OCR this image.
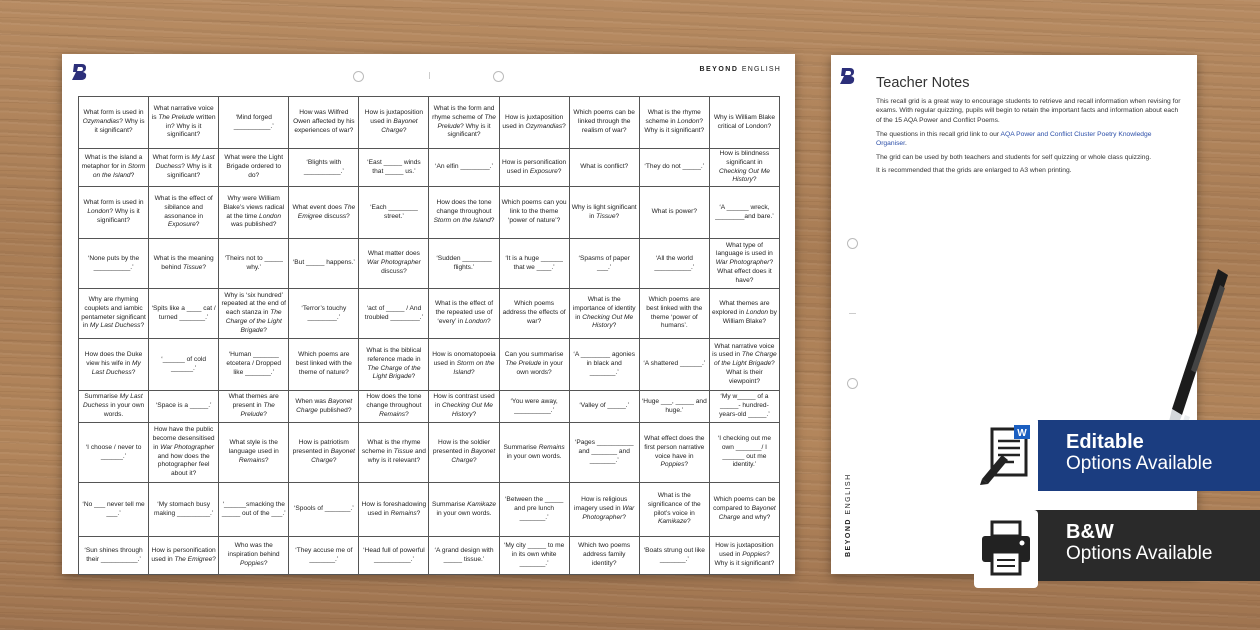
BEYOND ENGLISH
What form is used in Ozymandias? Why is it significant?	What narrative voice is The Prelude written in? Why is it significant?	‘Mind forged __________.’	How was Wilfred Owen affected by his experiences of war?	How is juxtaposition used in Bayonet Charge?	What is the form and rhyme scheme of The Prelude? Why is it significant?	How is juxtaposition used in Ozymandias?	Which poems can be linked through the realism of war?	What is the rhyme scheme in London? Why is it significant?	Why is William Blake critical of London?
What is the island a metaphor for in Storm on the Island?	What form is My Last Duchess? Why is it significant?	What were the Light Brigade ordered to do?	‘Blights with __________.’	‘East _____ winds that _____ us.’	‘An elfin ________.’	How is personification used in Exposure?	What is conflict?	‘They do not _____.’	How is blindness significant in Checking Out Me History?
What form is used in London? Why is it significant?	What is the effect of sibilance and assonance in Exposure?	Why were William Blake’s views radical at the time London was published?	What event does The Emigree discuss?	‘Each ________ street.’	How does the tone change throughout Storm on the Island?	Which poems can you link to the theme ‘power of nature’?	Why is light significant in Tissue?	What is power?	‘A ______ wreck, ________and bare.’
‘None puts by the __________.’	What is the meaning behind Tissue?	‘Theirs not to _____ why.’	‘But _____ happens.’	What matter does War Photographer discuss?	‘Sudden ________ flights.’	‘It is a huge ______ that we ____.’	‘Spasms of paper ___.’	‘All the world __________.’	What type of language is used in War Photographer? What effect does it have?
Why are rhyming couplets and iambic pentameter significant in My Last Duchess?	‘Spits like a ____ cat / turned _______.’	Why is ‘six hundred’ repeated at the end of each stanza in The Charge of the Light Brigade?	‘Terror’s touchy ________.’	‘act of _____ / And troubled ________.’	What is the effect of the repeated use of ‘every’ in London?	Which poems address the effects of war?	What is the importance of identity in Checking Out Me History?	Which poems are best linked with the theme ‘power of humans’.	What themes are explored in London by William Blake?
How does the Duke view his wife in My Last Duchess?	‘______ of cold ______.’	‘Human _______ etcetera / Dropped like _______.’	Which poems are best linked with the theme of nature?	What is the biblical reference made in The Charge of the Light Brigade?	How is onomatopoeia used in Storm on the Island?	Can you summarise The Prelude in your own words?	‘A ________ agonies in black and _______.’	‘A shattered ______.’	What narrative voice is used in The Charge of the Light Brigade? What is their viewpoint?
Summarise My Last Duchess in your own words.	‘Space is a _____.’	What themes are present in The Prelude?	When was Bayonet Charge published?	How does the tone change throughout Remains?	How is contrast used in Checking Out Me History?	‘You were away, __________.’	‘Valley of _____.’	‘Huge ___, _____ and huge.’	‘My w_____ of a _____- hundred- years-old _____.’
‘I choose / never to ______.’	How have the public become desensitised in War Photographer and how does the photographer feel about it?	What style is the language used in Remains?	How is patriotism presented in Bayonet Charge?	What is the rhyme scheme in Tissue and why is it relevant?	How is the soldier presented in Bayonet Charge?	Summarise Remains in your own words.	‘Pages __________ and _______ and _______.’	What effect does the first person narrative voice have in Poppies?	‘I checking out me own _______/ I ______ out me identity.’
‘No ___ never tell me ___.’	‘My stomach busy making _________.’	‘______smacking the _____ out of the ___.’	‘Spools of _______.’	How is foreshadowing used in Remains?	Summarise Kamikaze in your own words.	‘Between the _____ and pre lunch _______.’	How is religious imagery used in War Photographer?	What is the significance of the pilot’s voice in Kamikaze?	Which poems can be compared to Bayonet Charge and why?
‘Sun shines through their __________.’	How is personification used in The Emigree?	Who was the inspiration behind Poppies?	‘They accuse me of _______.’	‘Head full of powerful __________.’	‘A grand design with _____ tissue.’	‘My city _____ to me in its own white _______.’	Which two poems address family identity?	‘Boats strung out like _______.’	How is juxtaposition used in Poppies? Why is it significant?
BEYOND ENGLISH
Teacher Notes

This recall grid is a great way to encourage students to retrieve and recall information when revising for exams. With regular quizzing, pupils will begin to retain the important facts and information about each of the 15 AQA Power and Conflict Poems.

The questions in this recall grid link to our AQA Power and Conflict Cluster Poetry Knowledge Organiser.

The grid can be used by both teachers and students for self quizzing or whole class quizzing.

It is recommended that the grids are enlarged to A3 when printing.

W Editable
Options Available
B&W
Options Available
